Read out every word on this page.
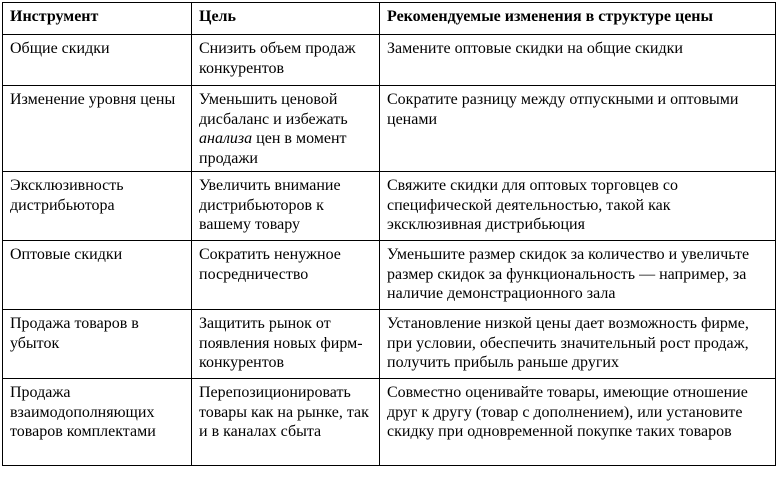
Инструмент	Цель	Рекомендуемые изменения в структуре цены
Общие скидки	Снизить объем продаж конкурентов	Замените оптовые скидки на общие скидки
Изменение уровня цены	Уменьшить ценовой дисбаланс и избежать анализа цен в момент продажи	Сократите разницу между отпускными и оптовыми ценами
Эксклюзивность дистрибьютора	Увеличить внимание дистрибьюторов к вашему товару	Свяжите скидки для оптовых торговцев со специфической деятельностью, такой как эксклюзивная дистрибьюция
Оптовые скидки	Сократить ненужное посредничество	Уменьшите размер скидок за количество и увеличьте размер скидок за функциональность — например, за наличие демонстрационного зала
Продажа товаров в убыток	Защитить рынок от появления новых фирм-конкурентов	Установление низкой цены дает возможность фирме, при условии, обеспечить значительный рост продаж, получить прибыль раньше других
Продажа взаимодополняющих товаров комплектами	Перепозиционировать товары как на рынке, так и в каналах сбыта	Совместно оценивайте товары, имеющие отношение друг к другу (товар с дополнением), или установите скидку при одновременной покупке таких товаров
